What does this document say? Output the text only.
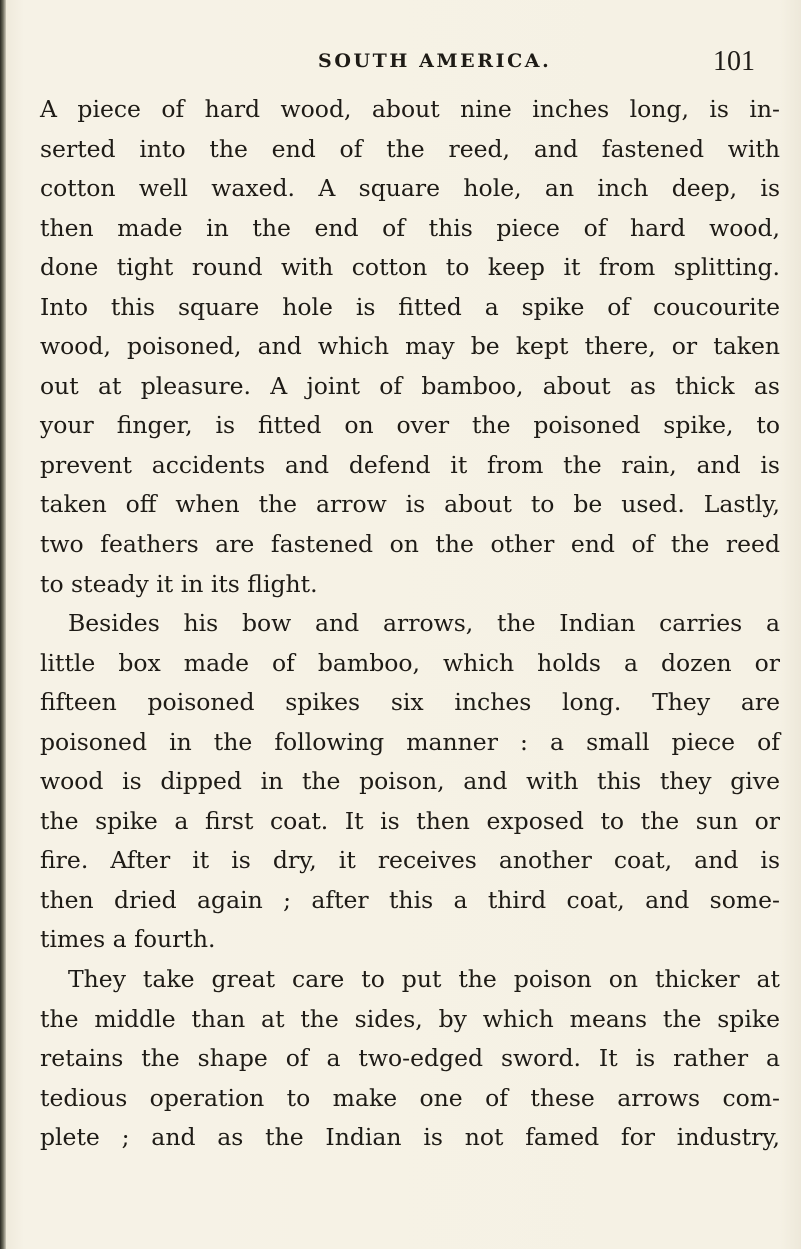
SOUTH AMERICA.	101
A piece of hard wood, about nine inches long, is in-
serted into the end of the reed, and fastened with
cotton well waxed. A square hole, an inch deep, is
then made in the end of this piece of hard wood,
done tight round with cotton to keep it from splitting.
Into this square hole is fitted a spike of coucourite
wood, poisoned, and which may be kept there, or taken
out at pleasure. A joint of bamboo, about as thick as
your finger, is fitted on over the poisoned spike, to
prevent accidents and defend it from the rain, and is
taken off when the arrow is about to be used. Lastly,
two feathers are fastened on the other end of the reed
to steady it in its flight.
Besides his bow and arrows, the Indian carries a
little box made of bamboo, which holds a dozen or
fifteen poisoned spikes six inches long. They are
poisoned in the following manner : a small piece of
wood is dipped in the poison, and with this they give
the spike a first coat. It is then exposed to the sun or
fire. After it is dry, it receives another coat, and is
then dried again ; after this a third coat, and some-
times a fourth.
They take great care to put the poison on thicker at
the middle than at the sides, by which means the spike
retains the shape of a two-edged sword. It is rather a
tedious operation to make one of these arrows com-
plete ; and as the Indian is not famed for industry,
